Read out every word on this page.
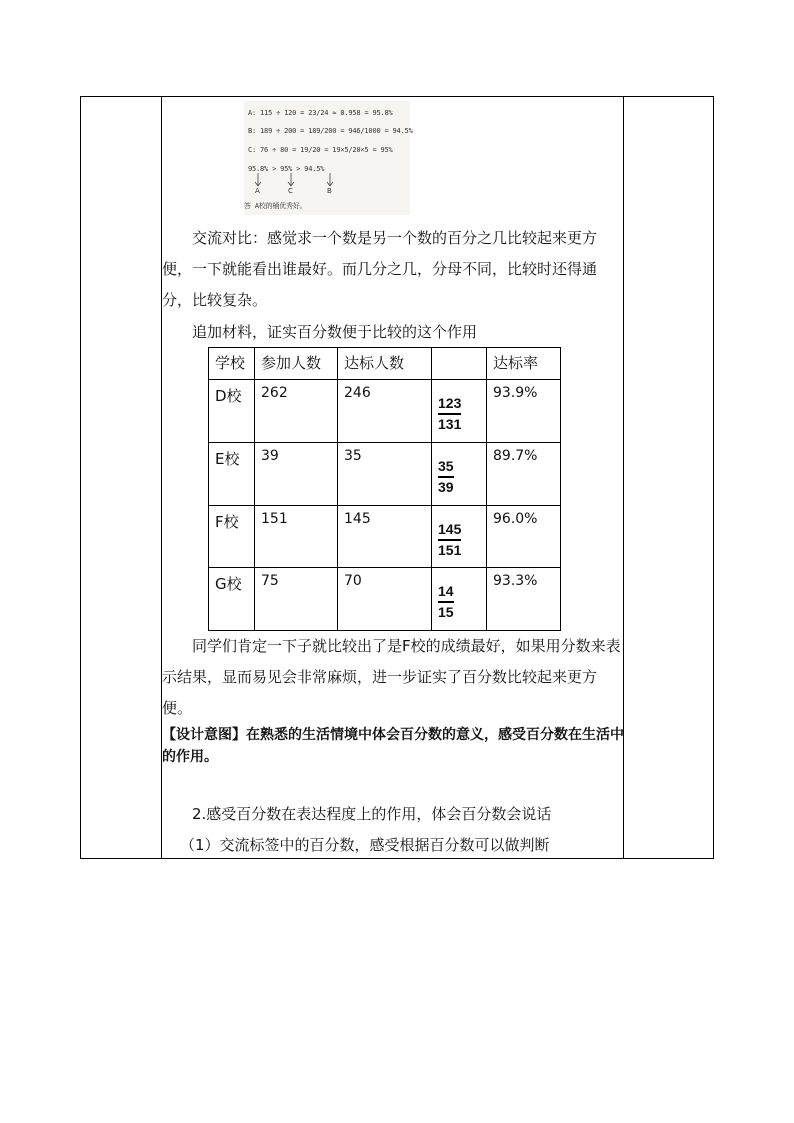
A: 115 ÷ 120 = 23/24 ≈ 0.958 = 95.8%
B: 189 ÷ 200 = 189/200 = 946/1000 = 94.5%
C: 76 ÷ 80 = 19/20 = 19×5/20×5 = 95%
95.8% > 95% > 94.5%
A	C	B
答 A校的桶优秀好。
交流对比：感觉求一个数是另一个数的百分之几比较起来更方便，一下就能看出谁最好。而几分之几，分母不同，比较时还得通分，比较复杂。
追加材料，证实百分数便于比较的这个作用
学校	参加人数	达标人数		达标率
D校	262	246	$\frac{123}{131}$	93.9%
E校	39	35	$\frac{35}{39}$	89.7%
F校	151	145	$\frac{145}{151}$	96.0%
G校	75	70	$\frac{14}{15}$	93.3%
同学们肯定一下子就比较出了是F校的成绩最好，如果用分数来表示结果，显而易见会非常麻烦，进一步证实了百分数比较起来更方便。
【设计意图】在熟悉的生活情境中体会百分数的意义，感受百分数在生活中的作用。
2.感受百分数在表达程度上的作用，体会百分数会说话
（1）交流标签中的百分数，感受根据百分数可以做判断
